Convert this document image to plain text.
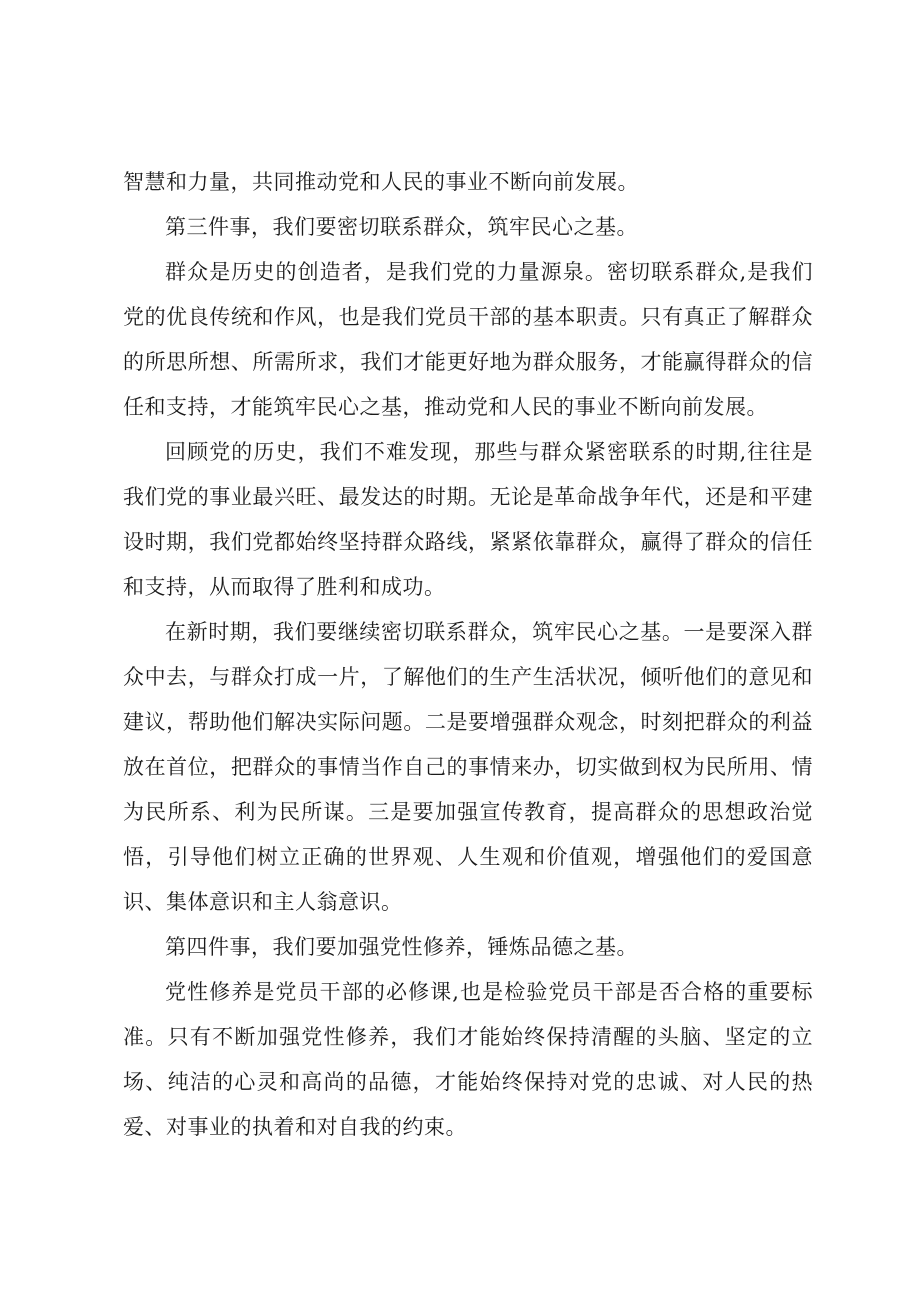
智慧和力量，共同推动党和人民的事业不断向前发展。

第三件事，我们要密切联系群众，筑牢民心之基。

群众是历史的创造者，是我们党的力量源泉。密切联系群众,是我们党的优良传统和作风，也是我们党员干部的基本职责。只有真正了解群众的所思所想、所需所求，我们才能更好地为群众服务，才能赢得群众的信任和支持，才能筑牢民心之基，推动党和人民的事业不断向前发展。

回顾党的历史，我们不难发现，那些与群众紧密联系的时期,往往是我们党的事业最兴旺、最发达的时期。无论是革命战争年代，还是和平建设时期，我们党都始终坚持群众路线，紧紧依靠群众，赢得了群众的信任和支持，从而取得了胜利和成功。

在新时期，我们要继续密切联系群众，筑牢民心之基。一是要深入群众中去，与群众打成一片，了解他们的生产生活状况，倾听他们的意见和建议，帮助他们解决实际问题。二是要增强群众观念，时刻把群众的利益放在首位，把群众的事情当作自己的事情来办，切实做到权为民所用、情为民所系、利为民所谋。三是要加强宣传教育，提高群众的思想政治觉悟，引导他们树立正确的世界观、人生观和价值观，增强他们的爱国意识、集体意识和主人翁意识。

第四件事，我们要加强党性修养，锤炼品德之基。

党性修养是党员干部的必修课,也是检验党员干部是否合格的重要标准。只有不断加强党性修养，我们才能始终保持清醒的头脑、坚定的立场、纯洁的心灵和高尚的品德，才能始终保持对党的忠诚、对人民的热爱、对事业的执着和对自我的约束。
